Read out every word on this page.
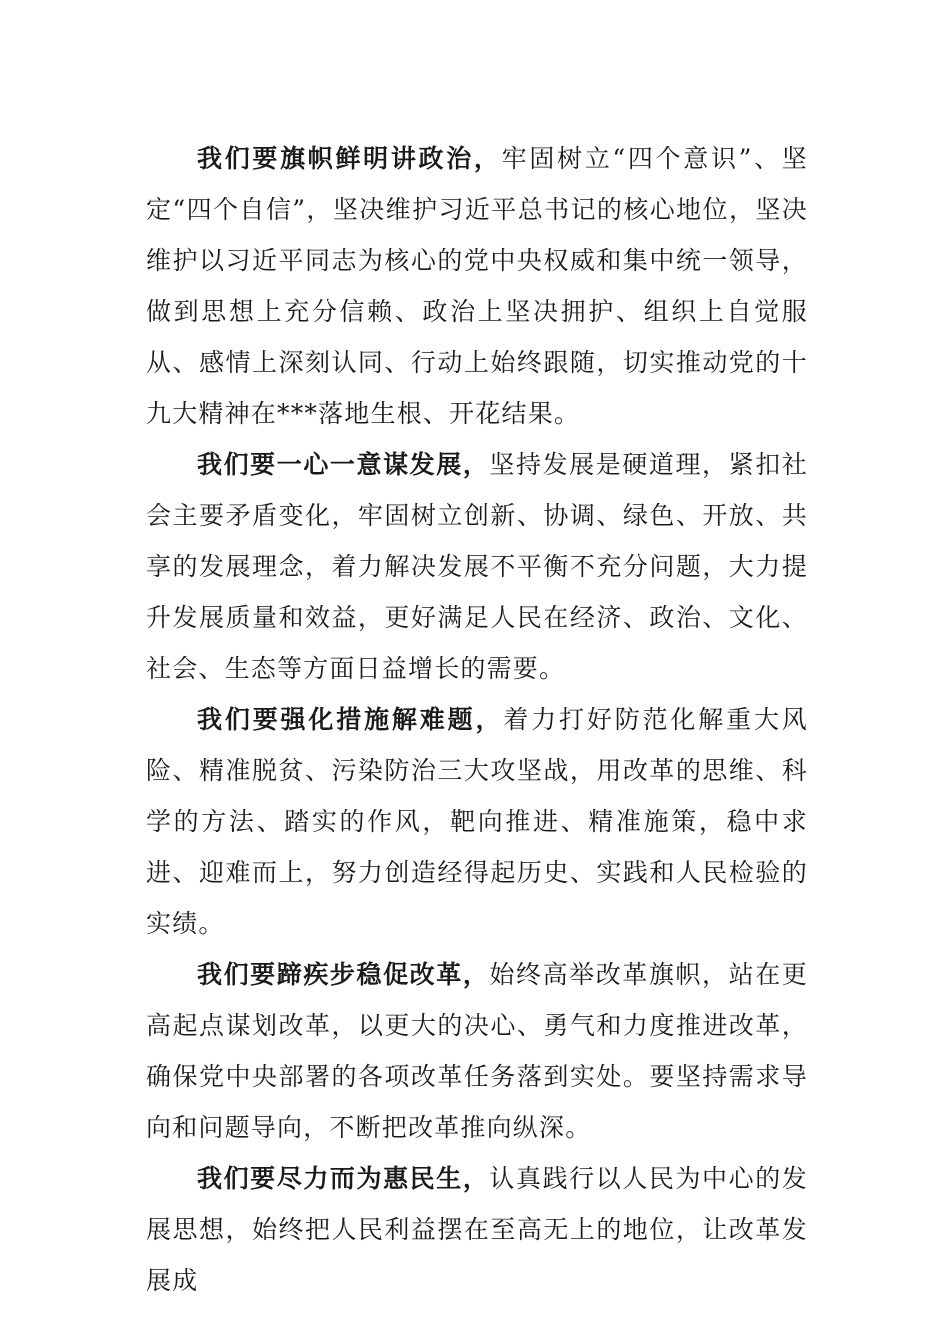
我们要旗帜鲜明讲政治，牢固树立“四个意识”、坚定“四个自信”，坚决维护习近平总书记的核心地位，坚决维护以习近平同志为核心的党中央权威和集中统一领导，做到思想上充分信赖、政治上坚决拥护、组织上自觉服从、感情上深刻认同、行动上始终跟随，切实推动党的十九大精神在***落地生根、开花结果。

我们要一心一意谋发展，坚持发展是硬道理，紧扣社会主要矛盾变化，牢固树立创新、协调、绿色、开放、共享的发展理念，着力解决发展不平衡不充分问题，大力提升发展质量和效益，更好满足人民在经济、政治、文化、社会、生态等方面日益增长的需要。

我们要强化措施解难题，着力打好防范化解重大风险、精准脱贫、污染防治三大攻坚战，用改革的思维、科学的方法、踏实的作风，靶向推进、精准施策，稳中求进、迎难而上，努力创造经得起历史、实践和人民检验的实绩。

我们要蹄疾步稳促改革，始终高举改革旗帜，站在更高起点谋划改革，以更大的决心、勇气和力度推进改革，确保党中央部署的各项改革任务落到实处。要坚持需求导向和问题导向，不断把改革推向纵深。

我们要尽力而为惠民生，认真践行以人民为中心的发展思想，始终把人民利益摆在至高无上的地位，让改革发展成
